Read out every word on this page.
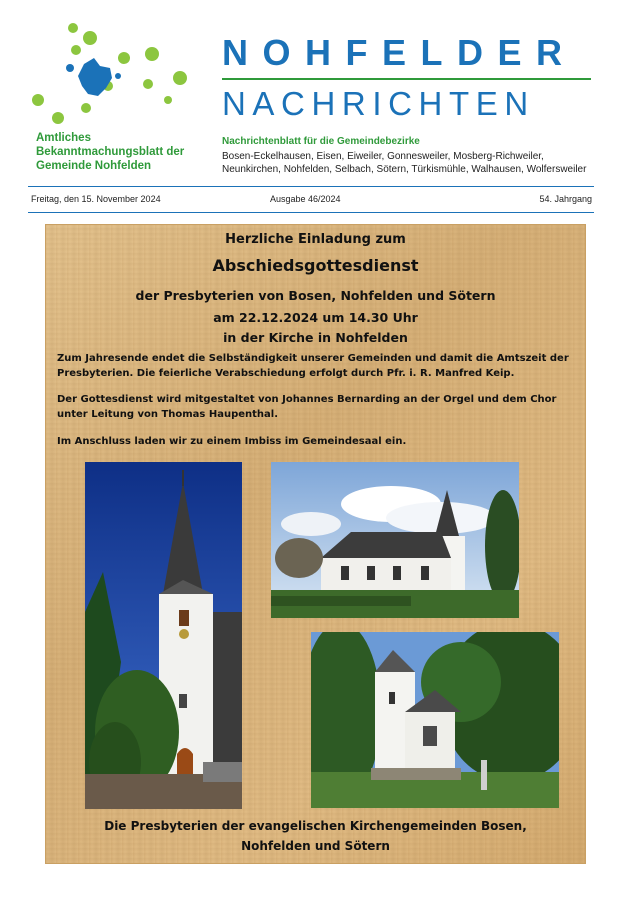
Amtliches Bekanntmachungsblatt der Gemeinde Nohfelden
NOHFELDER
NACHRICHTEN
Nachrichtenblatt für die Gemeindebezirke
Bosen-Eckelhausen, Eisen, Eiweiler, Gonnesweiler, Mosberg-Richweiler, Neunkirchen, Nohfelden, Selbach, Sötern, Türkismühle, Walhausen, Wolfersweiler
Freitag, den 15. November 2024	Ausgabe 46/2024	54. Jahrgang
Herzliche Einladung zum
Abschiedsgottesdienst
der Presbyterien von Bosen, Nohfelden und Sötern
am 22.12.2024 um 14.30 Uhr
in der Kirche in Nohfelden
Zum Jahresende endet die Selbständigkeit unserer Gemeinden und damit die Amtszeit der Presbyterien. Die feierliche Verabschiedung erfolgt durch Pfr. i. R. Manfred Keip.
Der Gottesdienst wird mitgestaltet von Johannes Bernarding an der Orgel und dem Chor unter Leitung von Thomas Haupenthal.
Im Anschluss laden wir zu einem Imbiss im Gemeindesaal ein.
Die Presbyterien der evangelischen Kirchengemeinden Bosen,
Nohfelden und Sötern
